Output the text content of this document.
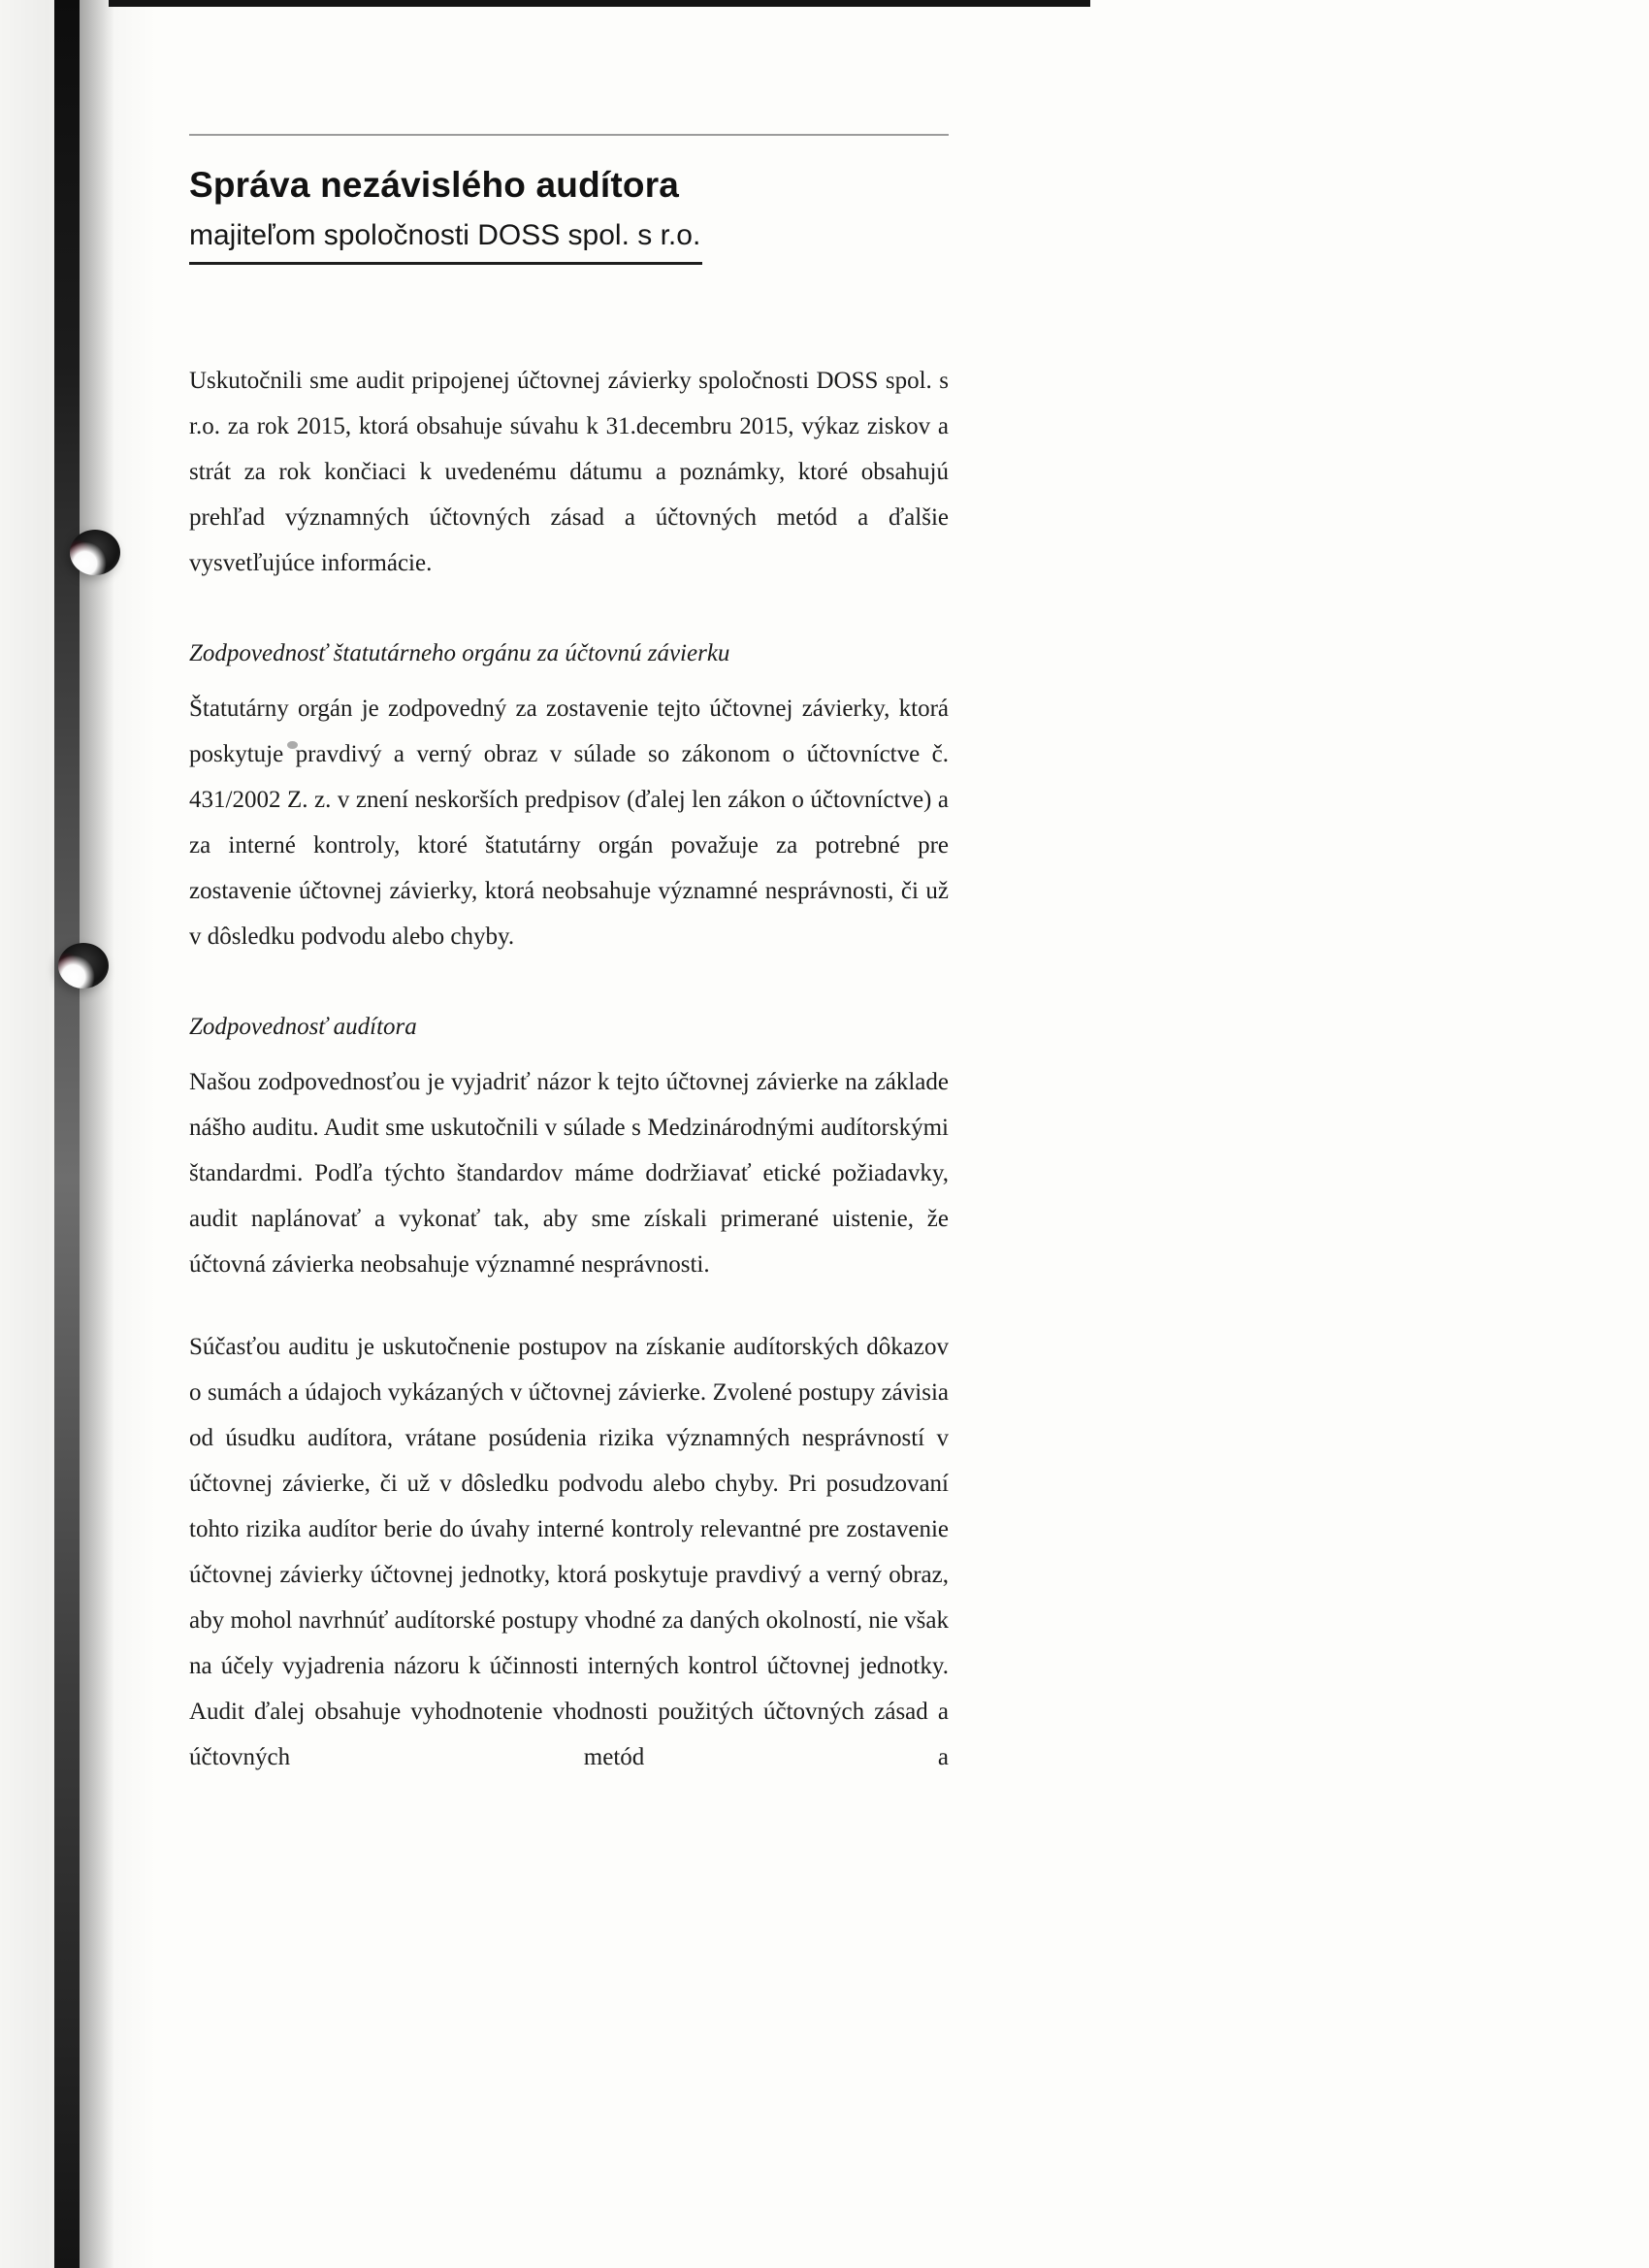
Správa nezávislého audítora
majiteľom spoločnosti DOSS spol. s r.o.

Uskutočnili sme audit pripojenej účtovnej závierky spoločnosti DOSS spol. s r.o. za rok 2015, ktorá obsahuje súvahu k 31.decembru 2015, výkaz ziskov a strát za rok končiaci k uvedenému dátumu a poznámky, ktoré obsahujú prehľad významných účtovných zásad a účtovných metód a ďalšie vysvetľujúce informácie.

Zodpovednosť štatutárneho orgánu za účtovnú závierku

Štatutárny orgán je zodpovedný za zostavenie tejto účtovnej závierky, ktorá poskytuje pravdivý a verný obraz v súlade so zákonom o účtovníctve č. 431/2002 Z. z. v znení neskorších predpisov (ďalej len zákon o účtovníctve) a za interné kontroly, ktoré štatutárny orgán považuje za potrebné pre zostavenie účtovnej závierky, ktorá neobsahuje významné nesprávnosti, či už v dôsledku podvodu alebo chyby.

Zodpovednosť audítora

Našou zodpovednosťou je vyjadriť názor k tejto účtovnej závierke na základe nášho auditu. Audit sme uskutočnili v súlade s Medzinárodnými audítorskými štandardmi. Podľa týchto štandardov máme dodržiavať etické požiadavky, audit naplánovať a vykonať tak, aby sme získali primerané uistenie, že účtovná závierka neobsahuje významné nesprávnosti.

Súčasťou auditu je uskutočnenie postupov na získanie audítorských dôkazov o sumách a údajoch vykázaných v účtovnej závierke. Zvolené postupy závisia od úsudku audítora, vrátane posúdenia rizika významných nesprávností v účtovnej závierke, či už v dôsledku podvodu alebo chyby. Pri posudzovaní tohto rizika audítor berie do úvahy interné kontroly relevantné pre zostavenie účtovnej závierky účtovnej jednotky, ktorá poskytuje pravdivý a verný obraz, aby mohol navrhnúť audítorské postupy vhodné za daných okolností, nie však na účely vyjadrenia názoru k účinnosti interných kontrol účtovnej jednotky. Audit ďalej obsahuje vyhodnotenie vhodnosti použitých účtovných zásad a účtovných metód a
